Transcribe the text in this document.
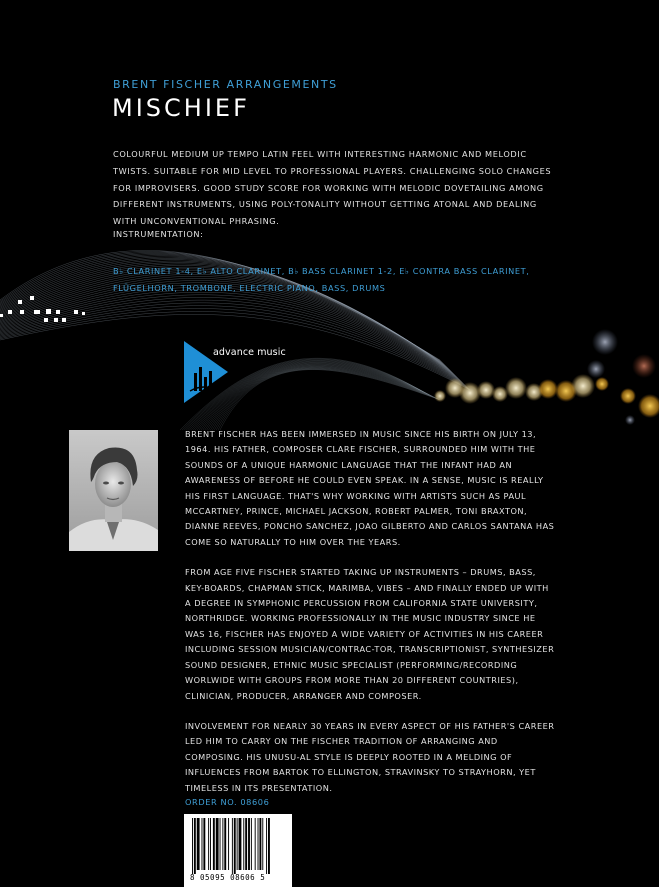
BRENT FISCHER ARRANGEMENTS
MISCHIEF
COLOURFUL MEDIUM UP TEMPO LATIN FEEL WITH INTERESTING HARMONIC AND MELODIC TWISTS. SUITABLE FOR MID LEVEL TO PROFESSIONAL PLAYERS. CHALLENGING SOLO CHANGES FOR IMPROVISERS. GOOD STUDY SCORE FOR WORKING WITH MELODIC DOVETAILING AMONG DIFFERENT INSTRUMENTS, USING POLY-TONALITY WITHOUT GETTING ATONAL AND DEALING WITH UNCONVENTIONAL PHRASING.
INSTRUMENTATION:
B♭ CLARINET 1-4, E♭ ALTO CLARINET, B♭ BASS CLARINET 1-2, E♭ CONTRA BASS CLARINET, FLÜGELHORN, TROMBONE, ELECTRIC PIANO, BASS, DRUMS
advance music

BRENT FISCHER HAS BEEN IMMERSED IN MUSIC SINCE HIS BIRTH ON JULY 13, 1964. HIS FATHER, COMPOSER CLARE FISCHER, SURROUNDED HIM WITH THE SOUNDS OF A UNIQUE HARMONIC LANGUAGE THAT THE INFANT HAD AN AWARENESS OF BEFORE HE COULD EVEN SPEAK. IN A SENSE, MUSIC IS REALLY HIS FIRST LANGUAGE. THAT'S WHY WORKING WITH ARTISTS SUCH AS PAUL MCCARTNEY, PRINCE, MICHAEL JACKSON, ROBERT PALMER, TONI BRAXTON, DIANNE REEVES, PONCHO SANCHEZ, JOAO GILBERTO AND CARLOS SANTANA HAS COME SO NATURALLY TO HIM OVER THE YEARS.

FROM AGE FIVE FISCHER STARTED TAKING UP INSTRUMENTS – DRUMS, BASS, KEY-BOARDS, CHAPMAN STICK, MARIMBA, VIBES – AND FINALLY ENDED UP WITH A DEGREE IN SYMPHONIC PERCUSSION FROM CALIFORNIA STATE UNIVERSITY, NORTHRIDGE. WORKING PROFESSIONALLY IN THE MUSIC INDUSTRY SINCE HE WAS 16, FISCHER HAS ENJOYED A WIDE VARIETY OF ACTIVITIES IN HIS CAREER INCLUDING SESSION MUSICIAN/CONTRAC-TOR, TRANSCRIPTIONIST, SYNTHESIZER SOUND DESIGNER, ETHNIC MUSIC SPECIALIST (PERFORMING/RECORDING WORLWIDE WITH GROUPS FROM MORE THAN 20 DIFFERENT COUNTRIES), CLINICIAN, PRODUCER, ARRANGER AND COMPOSER.

INVOLVEMENT FOR NEARLY 30 YEARS IN EVERY ASPECT OF HIS FATHER'S CAREER LED HIM TO CARRY ON THE FISCHER TRADITION OF ARRANGING AND COMPOSING. HIS UNUSU-AL STYLE IS DEEPLY ROOTED IN A MELDING OF INFLUENCES FROM BARTOK TO ELLINGTON, STRAVINSKY TO STRAYHORN, YET TIMELESS IN ITS PRESENTATION.

ORDER NO. 08606
8 05095 08606 5
